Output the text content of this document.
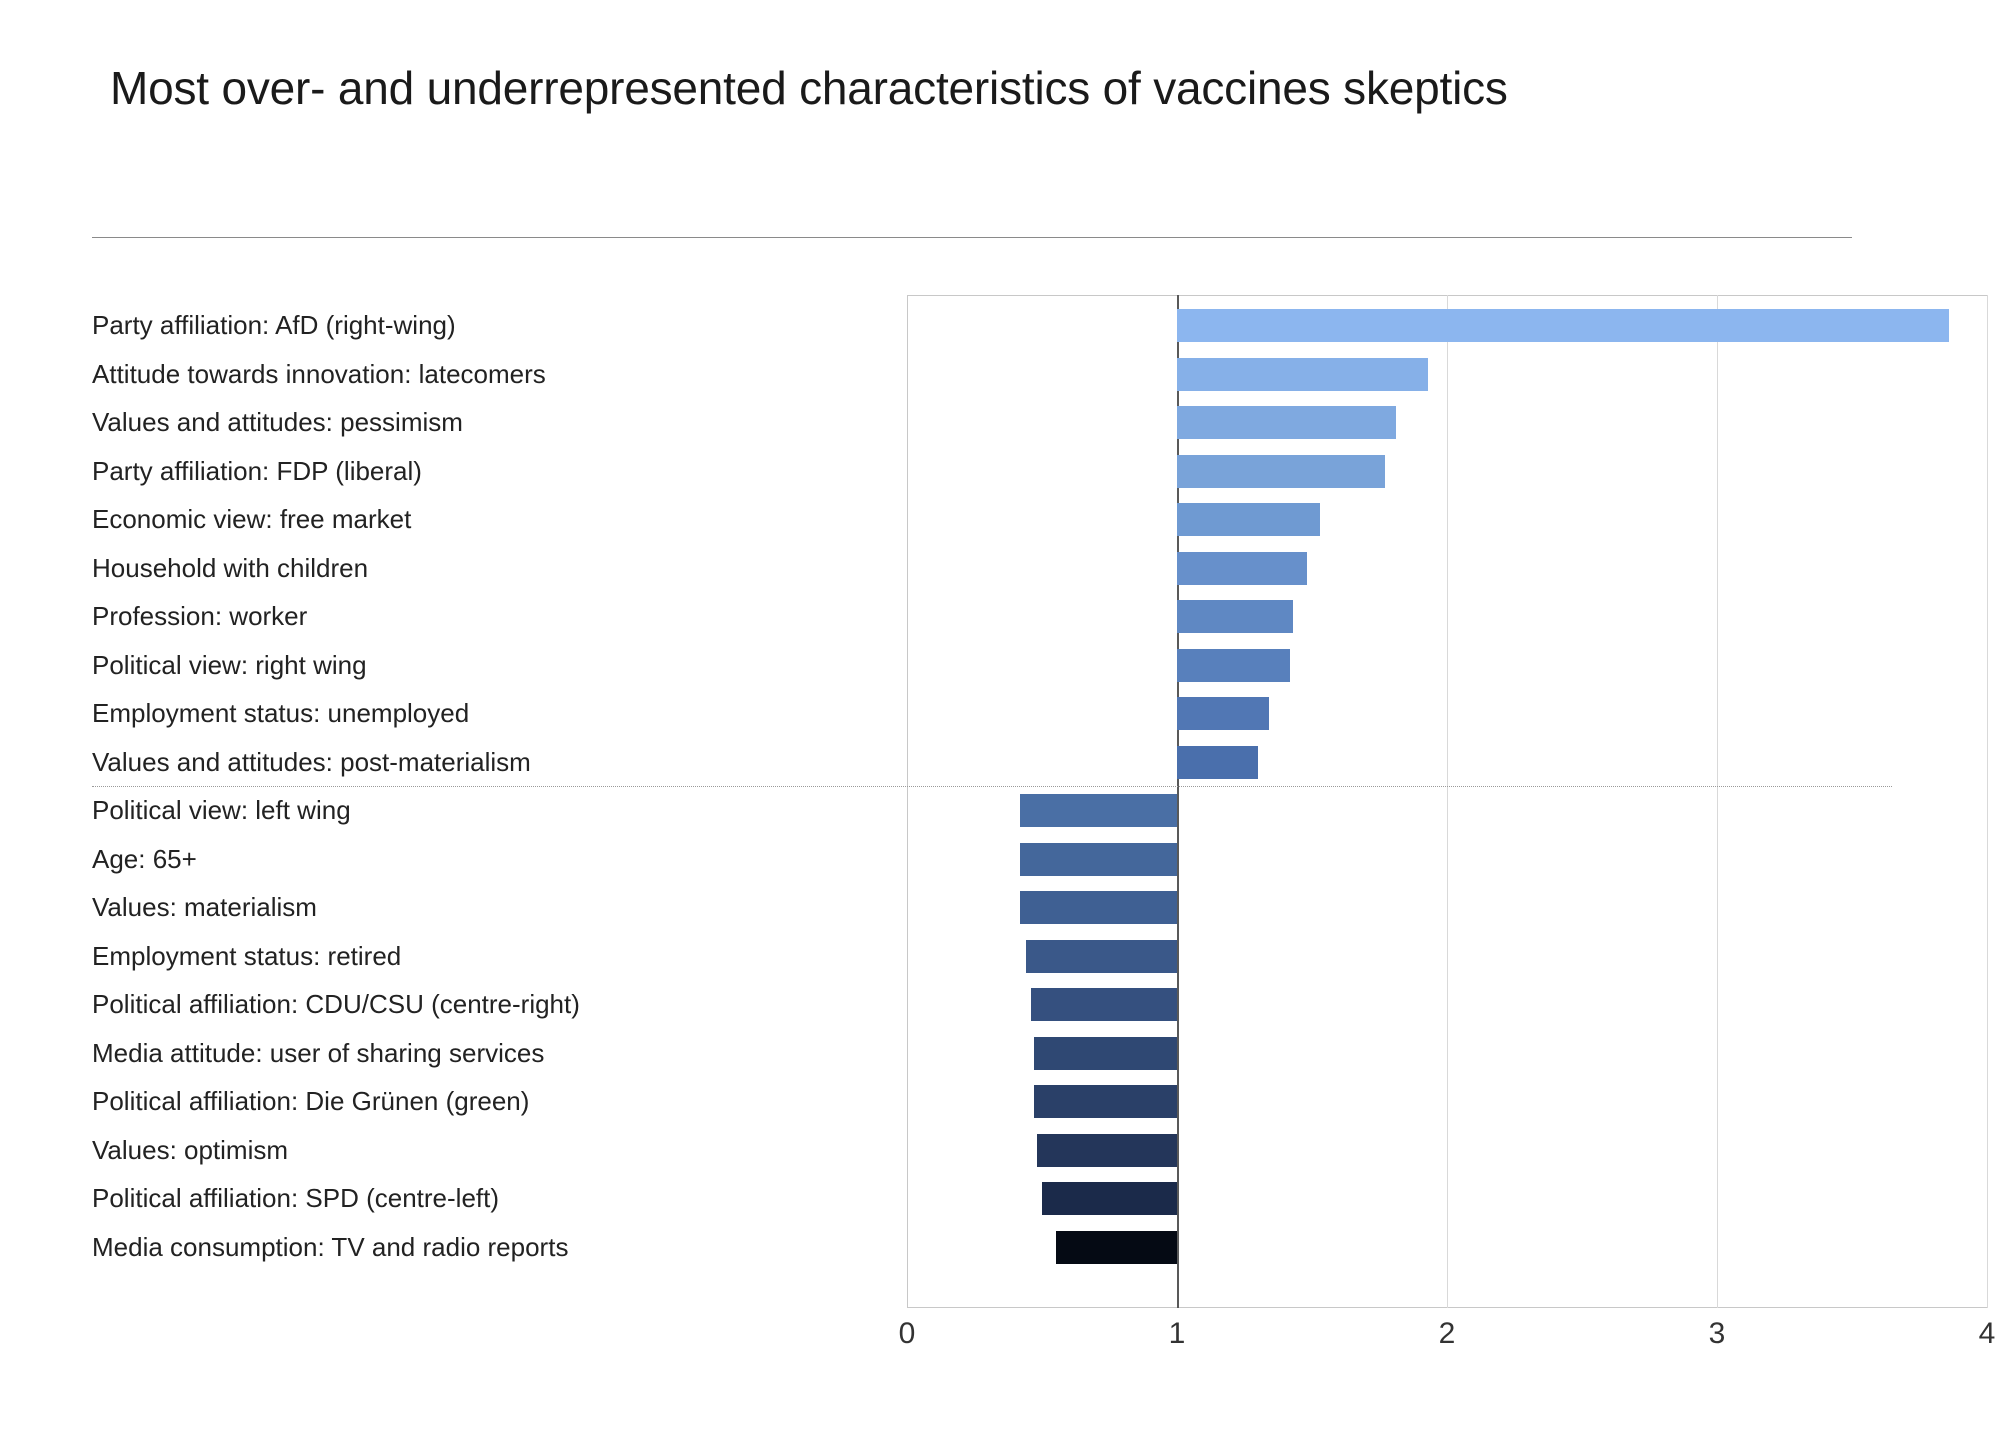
Most over- and underrepresented characteristics of vaccines skeptics
Party affiliation: AfD (right-wing)
Attitude towards innovation: latecomers
Values and attitudes: pessimism
Party affiliation: FDP (liberal)
Economic view: free market
Household with children
Profession: worker
Political view: right wing
Employment status: unemployed
Values and attitudes: post-materialism
Political view: left wing
Age: 65+
Values: materialism
Employment status: retired
Political affiliation: CDU/CSU (centre-right)
Media attitude: user of sharing services
Political affiliation: Die Grünen (green)
Values: optimism
Political affiliation: SPD (centre-left)
Media consumption: TV and radio reports
0	1	2	3	4
